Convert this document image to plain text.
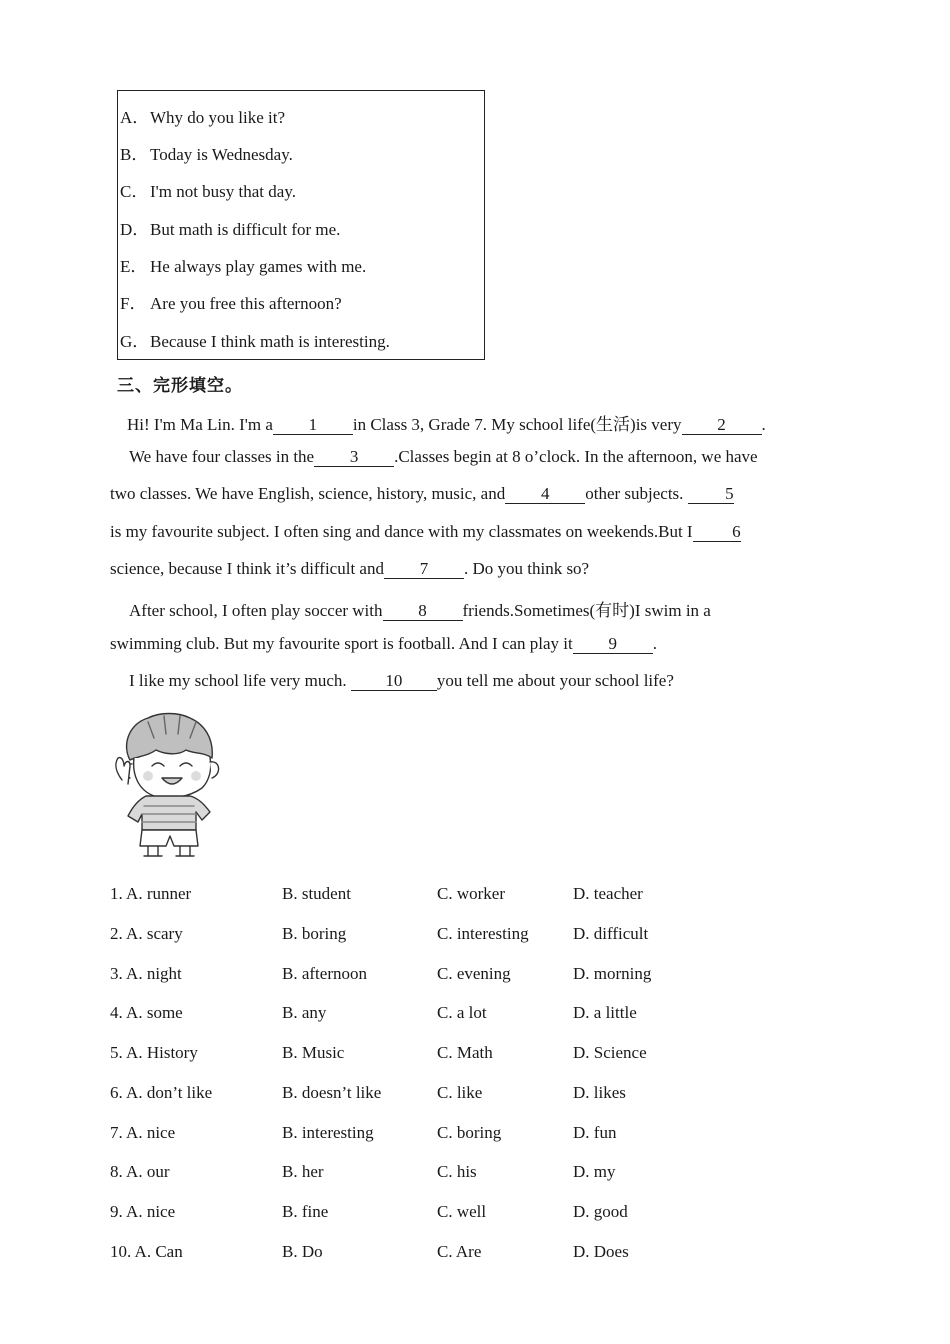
A．Why do you like it?
B．Today is Wednesday.
C．I'm not busy that day.
D．But math is difficult for me.
E． He always play games with me.
F． Are you free this afternoon?
G．Because I think math is interesting.
三、完形填空。
Hi! I'm Ma Lin. I'm a 1 in Class 3, Grade 7. My school life(生活)is very 2 .
We have four classes in the 3 .Classes begin at 8 o’clock. In the afternoon, we have
two classes. We have English, science, history, music, and 4 other subjects. 5
is my favourite subject. I often sing and dance with my classmates on weekends.But I 6
science, because I think it’s difficult and 7 . Do you think so?
After school, I often play soccer with 8 friends.Sometimes(有时)I swim in a
swimming club. But my favourite sport is football. And I can play it 9 .
I like my school life very much. 10 you tell me about your school life?
1. A. runner	B. student	C. worker	D. teacher
2. A. scary	B. boring	C. interesting	D. difficult
3. A. night	B. afternoon	C. evening	D. morning
4. A. some	B. any	C. a lot	D. a little
5. A. History	B. Music	C. Math	D. Science
6. A. don’t like	B. doesn’t like	C. like	D. likes
7. A. nice	B. interesting	C. boring	D. fun
8. A. our	B. her	C. his	D. my
9. A. nice	B. fine	C. well	D. good
10. A. Can	B. Do	C. Are	D. Does
